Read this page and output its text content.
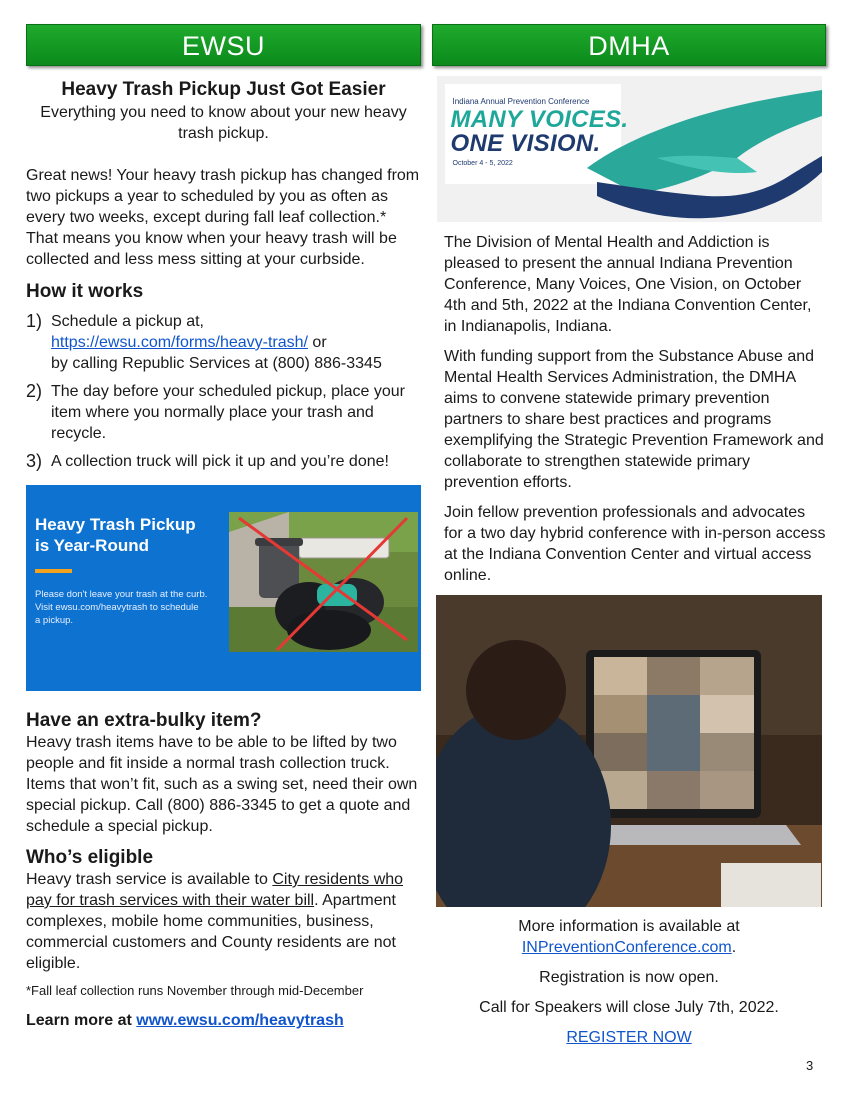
EWSU
Heavy Trash Pickup Just Got Easier
Everything you need to know about your new heavy trash pickup.

Great news! Your heavy trash pickup has changed from two pickups a year to scheduled by you as often as every two weeks, except during fall leaf collection.* That means you know when your heavy trash will be collected and less mess sitting at your curbside.

How it works
1) Schedule a pickup at,
https://ewsu.com/forms/heavy-trash/ or
by calling Republic Services at (800) 886-3345
2) The day before your scheduled pickup, place your item where you normally place your trash and recycle.
3) A collection truck will pick it up and you’re done!
Heavy Trash Pickup
is Year-Round
Please don't leave your trash at the curb.
Visit ewsu.com/heavytrash to schedule
a pickup.
Have an extra-bulky item?

Heavy trash items have to be able to be lifted by two people and fit inside a normal trash collection truck. Items that won’t fit, such as a swing set, need their own special pickup. Call (800) 886-3345 to get a quote and schedule a special pickup.

Who’s eligible

Heavy trash service is available to City residents who pay for trash services with their water bill. Apartment complexes, mobile home communities, business, commercial customers and County residents are not eligible.

*Fall leaf collection runs November through mid-December

Learn more at www.ewsu.com/heavytrash

DMHA
Indiana Annual Prevention Conference
MANY VOICES.
ONE VISION.
October 4 - 5, 2022

The Division of Mental Health and Addiction is pleased to present the annual Indiana Prevention Conference, Many Voices, One Vision, on October 4th and 5th, 2022 at the Indiana Convention Center, in Indianapolis, Indiana.

With funding support from the Substance Abuse and Mental Health Services Administration, the DMHA aims to convene statewide primary prevention partners to share best practices and programs exemplifying the Strategic Prevention Framework and collaborate to strengthen statewide primary prevention efforts.

Join fellow prevention professionals and advocates for a two day hybrid conference with in-person access at the Indiana Convention Center and virtual access online.

More information is available at

INPreventionConference.com.

Registration is now open.

Call for Speakers will close July 7th, 2022.

REGISTER NOW

3
